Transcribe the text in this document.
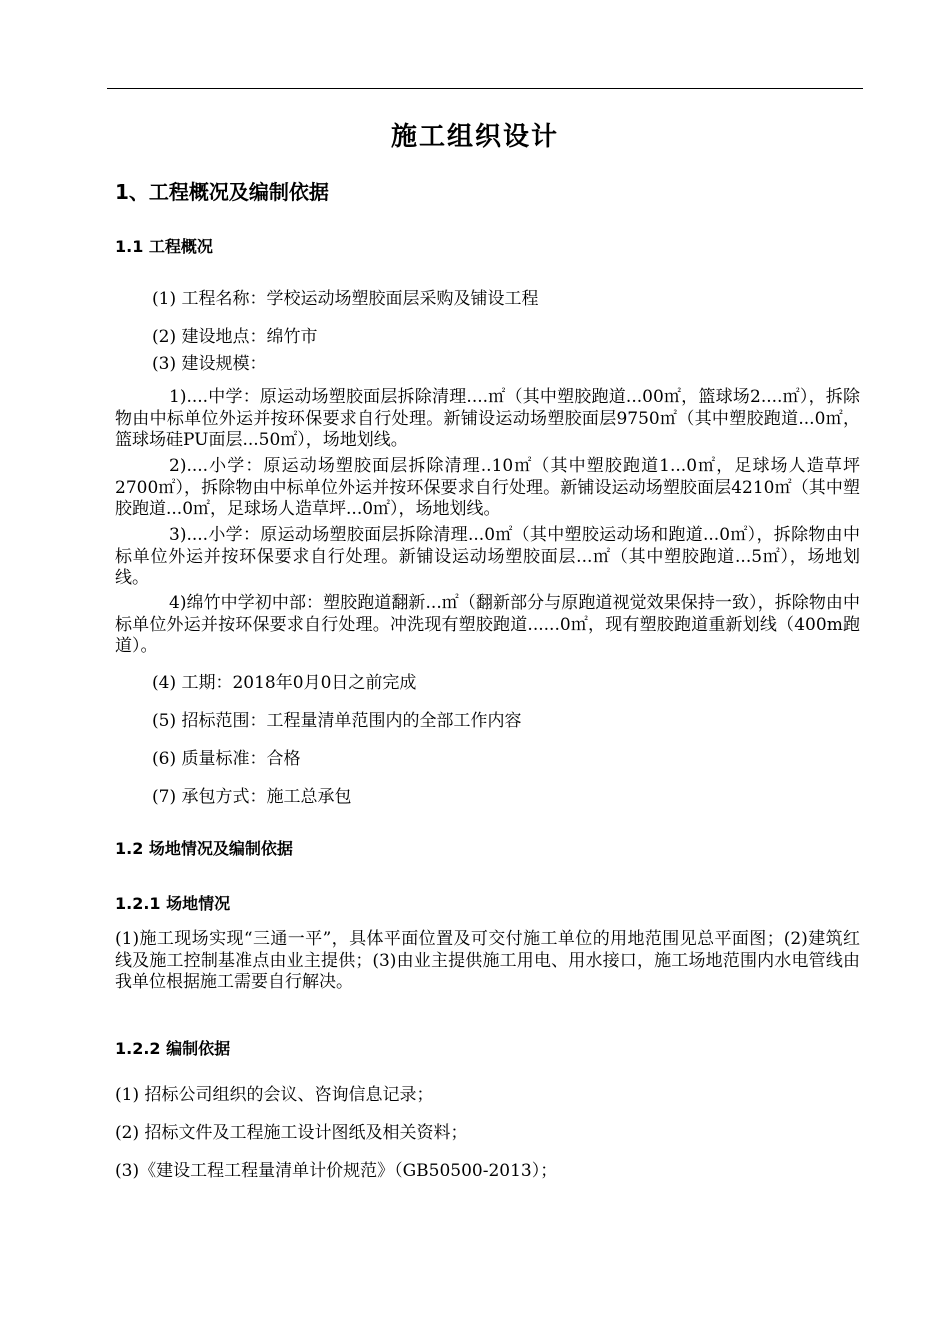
施工组织设计
1、工程概况及编制依据
1.1 工程概况
(1) 工程名称：学校运动场塑胶面层采购及铺设工程
(2) 建设地点：绵竹市
(3) 建设规模：
1)....中学：原运动场塑胶面层拆除清理....㎡（其中塑胶跑道...00㎡，篮球场2....㎡），拆除物由中标单位外运并按环保要求自行处理。新铺设运动场塑胶面层9750㎡（其中塑胶跑道...0㎡，篮球场硅PU面层...50㎡），场地划线。
2)....小学：原运动场塑胶面层拆除清理..10㎡（其中塑胶跑道1...0㎡，足球场人造草坪2700㎡），拆除物由中标单位外运并按环保要求自行处理。新铺设运动场塑胶面层4210㎡（其中塑胶跑道...0㎡，足球场人造草坪...0㎡），场地划线。
3)....小学：原运动场塑胶面层拆除清理...0㎡（其中塑胶运动场和跑道...0㎡），拆除物由中标单位外运并按环保要求自行处理。新铺设运动场塑胶面层...㎡（其中塑胶跑道...5㎡），场地划线。
4)绵竹中学初中部：塑胶跑道翻新...㎡（翻新部分与原跑道视觉效果保持一致），拆除物由中标单位外运并按环保要求自行处理。冲洗现有塑胶跑道......0㎡，现有塑胶跑道重新划线（400m跑道）。
(4) 工期：2018年0月0日之前完成
(5) 招标范围：工程量清单范围内的全部工作内容
(6) 质量标准：合格
(7) 承包方式：施工总承包
1.2 场地情况及编制依据
1.2.1 场地情况
(1)施工现场实现“三通一平”，具体平面位置及可交付施工单位的用地范围见总平面图；(2)建筑红线及施工控制基准点由业主提供；(3)由业主提供施工用电、用水接口，施工场地范围内水电管线由我单位根据施工需要自行解决。
1.2.2 编制依据
(1) 招标公司组织的会议、咨询信息记录；
(2) 招标文件及工程施工设计图纸及相关资料；
(3)《建设工程工程量清单计价规范》（GB50500-2013）；
